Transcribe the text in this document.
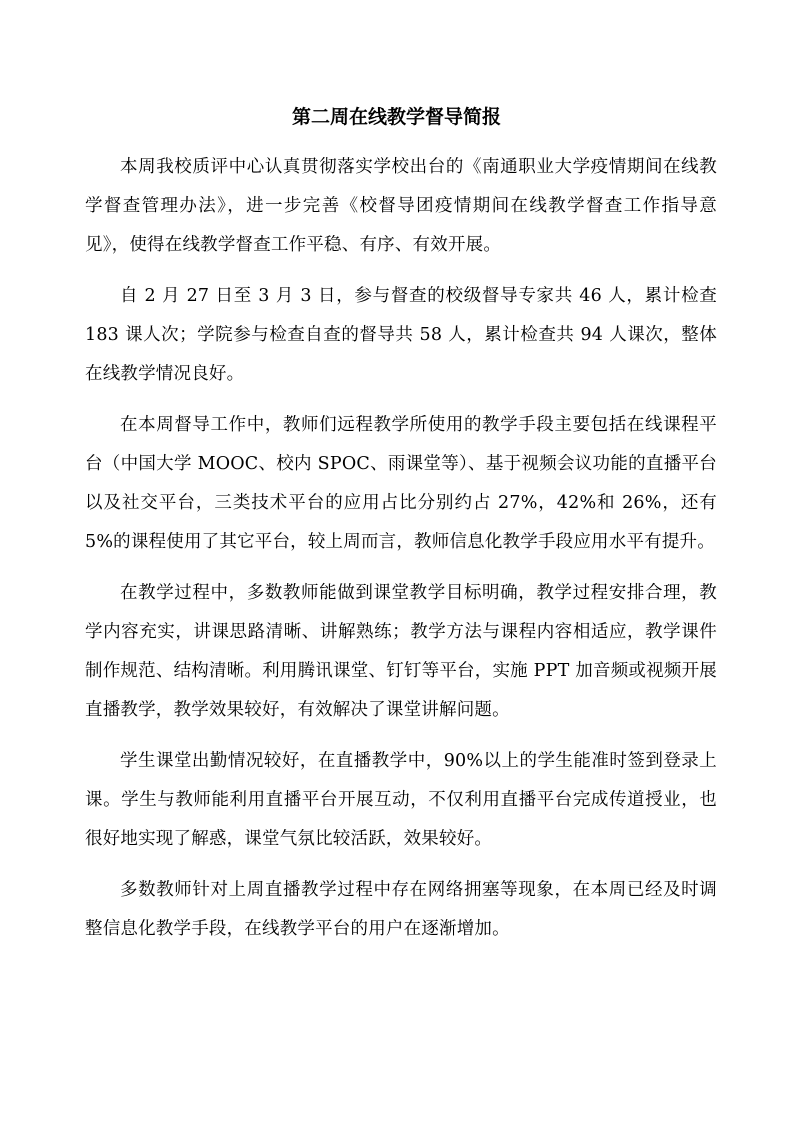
第二周在线教学督导简报

本周我校质评中心认真贯彻落实学校出台的《南通职业大学疫情期间在线教学督查管理办法》，进一步完善《校督导团疫情期间在线教学督查工作指导意见》，使得在线教学督查工作平稳、有序、有效开展。

自 2 月 27 日至 3 月 3 日，参与督查的校级督导专家共 46 人，累计检查 183 课人次；学院参与检查自查的督导共 58 人，累计检查共 94 人课次，整体在线教学情况良好。

在本周督导工作中，教师们远程教学所使用的教学手段主要包括在线课程平台（中国大学 MOOC、校内 SPOC、雨课堂等）、基于视频会议功能的直播平台以及社交平台，三类技术平台的应用占比分别约占 27%，42%和 26%，还有 5%的课程使用了其它平台，较上周而言，教师信息化教学手段应用水平有提升。

在教学过程中，多数教师能做到课堂教学目标明确，教学过程安排合理，教学内容充实，讲课思路清晰、讲解熟练；教学方法与课程内容相适应，教学课件制作规范、结构清晰。利用腾讯课堂、钉钉等平台，实施 PPT 加音频或视频开展直播教学，教学效果较好，有效解决了课堂讲解问题。

学生课堂出勤情况较好，在直播教学中，90%以上的学生能准时签到登录上课。学生与教师能利用直播平台开展互动，不仅利用直播平台完成传道授业，也很好地实现了解惑，课堂气氛比较活跃，效果较好。

多数教师针对上周直播教学过程中存在网络拥塞等现象，在本周已经及时调整信息化教学手段，在线教学平台的用户在逐渐增加。
